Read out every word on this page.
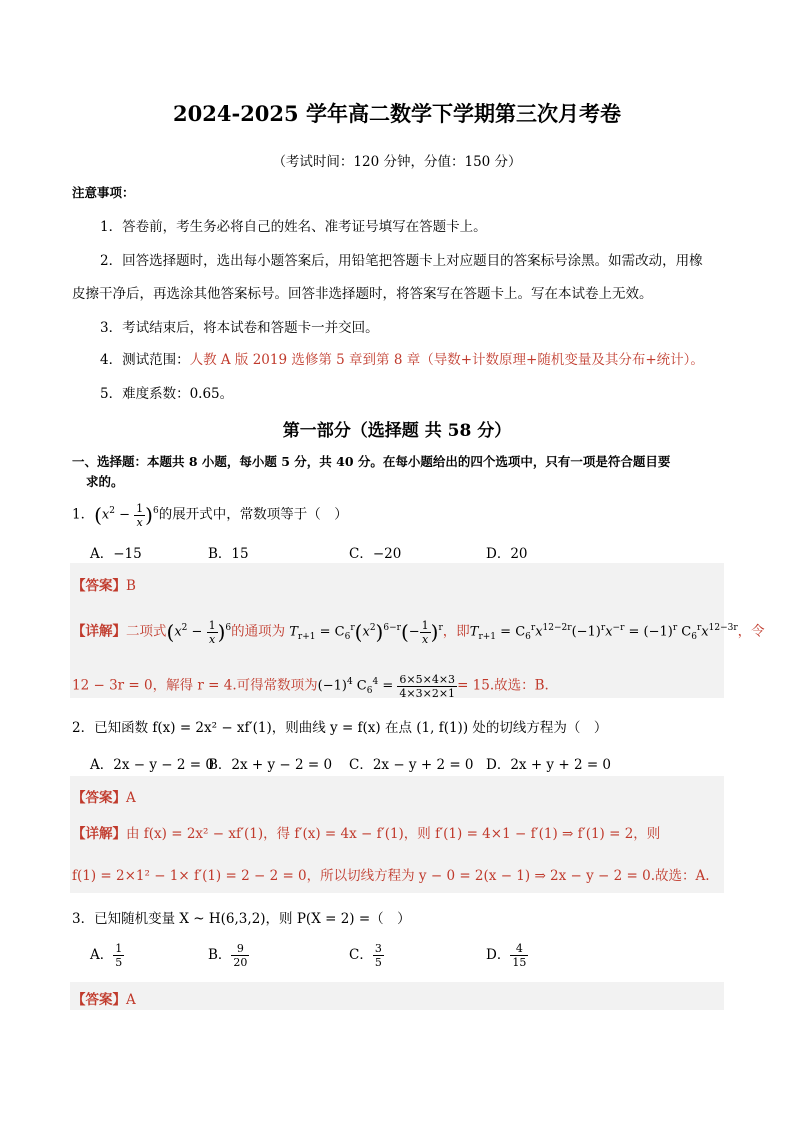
2024-2025 学年高二数学下学期第三次月考卷
（考试时间：120 分钟，分值：150 分）
注意事项：
1．答卷前，考生务必将自己的姓名、准考证号填写在答题卡上。
2．回答选择题时，选出每小题答案后，用铅笔把答题卡上对应题目的答案标号涂黑。如需改动，用橡
皮擦干净后，再选涂其他答案标号。回答非选择题时，将答案写在答题卡上。写在本试卷上无效。
3．考试结束后，将本试卷和答题卡一并交回。
4．测试范围：人教 A 版 2019 选修第 5 章到第 8 章（导数+计数原理+随机变量及其分布+统计）。
5．难度系数：0.65。
第一部分（选择题 共 58 分）
一、选择题：本题共 8 小题，每小题 5 分，共 40 分。在每小题给出的四个选项中，只有一项是符合题目要
求的。
1．$(x^2 - \frac{1}{x} )^6$的展开式中，常数项等于（　）
A．−15	B．15	C．−20	D．20
【答案】B
【详解】二项式$(x^2 - \frac{1}{x} )^6$的通项为 $T_{r+1} = C_6^r(x^2)^{6-r}(- \frac{1}{x} )^r$，即$T_{r+1} = C_6^rx^{12-2r}(-1)^rx^{-r} = (-1)^r$ $C_6^rx^{12-3r}$，令
12 − 3r = 0，解得 r = 4.可得常数项为$(-1)^4$ $C_6^4 = \frac{6\times 5\times 4\times 3}{4\times 3\times 2\times 1} = 15$.故选：B.
2．已知函数 f(x) = 2x² − xf′(1)，则曲线 y = f(x) 在点 (1, f(1)) 处的切线方程为（　）
A．2x − y − 2 = 0
B．2x + y − 2 = 0 C．2x − y + 2 = 0 D．2x + y + 2 = 0
【答案】A
【详解】由 f(x) = 2x² − xf′(1)，得 f′(x) = 4x − f′(1)，则 f′(1) = 4×1 − f′(1) ⇒ f′(1) = 2，则
f(1) = 2×1² − 1× f′(1) = 2 − 2 = 0，所以切线方程为 y − 0 = 2(x − 1) ⇒ 2x − y − 2 = 0.故选：A.
3．已知随机变量 X ~ H(6,3,2)，则 P(X = 2) =（　）
A． $\frac{1}{5}$	B． $\frac{9}{20}$	C． $\frac{3}{5}$	D． $\frac{4}{15}$
【答案】A
